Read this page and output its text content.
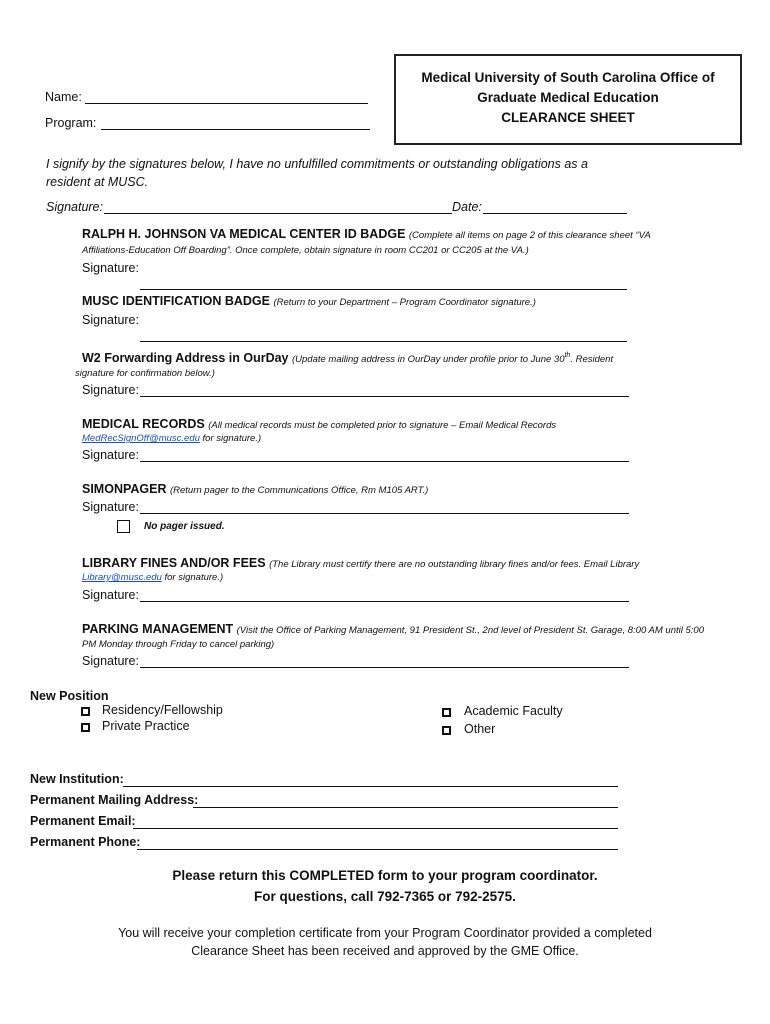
Name:
Program:
Medical University of South Carolina Office of
Graduate Medical Education
CLEARANCE SHEET
I signify by the signatures below, I have no unfulfilled commitments or outstanding obligations as a
resident at MUSC.
Signature:	Date:
RALPH H. JOHNSON VA MEDICAL CENTER ID BADGE (Complete all items on page 2 of this clearance sheet “VA
Affiliations-Education Off Boarding”. Once complete, obtain signature in room CC201 or CC205 at the VA.)
Signature:
MUSC IDENTIFICATION BADGE (Return to your Department – Program Coordinator signature.)
Signature:
W2 Forwarding Address in OurDay (Update mailing address in OurDay under profile prior to June 30th. Resident
signature for confirmation below.)
Signature:
MEDICAL RECORDS (All medical records must be completed prior to signature – Email Medical Records
MedRecSignOff@musc.edu for signature.)
Signature:
SIMONPAGER (Return pager to the Communications Office, Rm M105 ART.)
Signature:
No pager issued.
LIBRARY FINES AND/OR FEES (The Library must certify there are no outstanding library fines and/or fees. Email Library
Library@musc.edu for signature.)
Signature:
PARKING MANAGEMENT (Visit the Office of Parking Management, 91 President St., 2nd level of President St. Garage, 8:00 AM until 5:00
PM Monday through Friday to cancel parking)
Signature:
New Position
Residency/Fellowship
Private Practice
Academic Faculty
Other
New Institution:
Permanent Mailing Address:
Permanent Email:
Permanent Phone:
Please return this COMPLETED form to your program coordinator.
For questions, call 792-7365 or 792-2575.
You will receive your completion certificate from your Program Coordinator provided a completed
Clearance Sheet has been received and approved by the GME Office.
